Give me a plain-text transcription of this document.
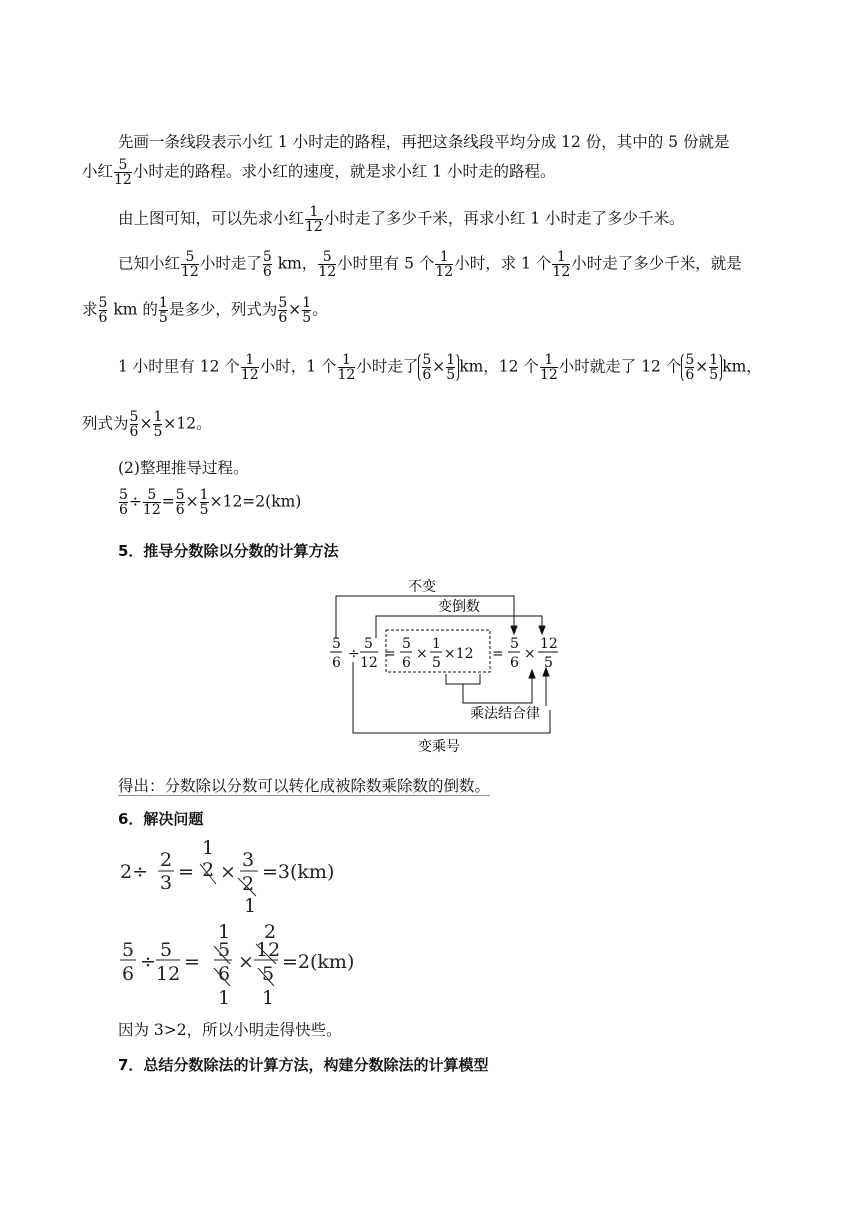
先画一条线段表示小红 1 小时走的路程，再把这条线段平均分成 12 份，其中的 5 份就是
小红 $\frac{5}{12}$ 小时走的路程。求小红的速度，就是求小红 1 小时走的路程。
由上图可知，可以先求小红 $\frac{1}{12}$ 小时走了多少千米，再求小红 1 小时走了多少千米。
已知小红 $\frac{5}{12}$ 小时走了 $\frac{5}{6}$ km， $\frac{5}{12}$ 小时里有 5 个 $\frac{1}{12}$ 小时，求 1 个 $\frac{1}{12}$ 小时走了多少千米，就是
求 $\frac{5}{6}$ km 的 $\frac{1}{5}$ 是多少，列式为 $\frac{5}{6} \times \frac{1}{5}$ 。
1 小时里有 12 个 $\frac{1}{12}$ 小时，1 个 $\frac{1}{12}$ 小时走了 $\frac{5}{6} \times \frac{1}{5}$ km，12 个 $\frac{1}{12}$ 小时就走了 12 个 $\frac{5}{6} \times \frac{1}{5}$ km，
列式为 $\frac{5}{6} \times \frac{1}{5} \times 12$。
(2)整理推导过程。
$\frac{5}{6} \div \frac{5}{12} = \frac{5}{6} \times \frac{1}{5} \times 12=2(km)$
5．推导分数除以分数的计算方法
不变
变倒数
乘法结合律
变乘号
5
6
÷
5
12
=
5
6
×
1
5
×12 =
5
6
×
12
5
得出：分数除以分数可以转化成被除数乘除数的倒数。
6．解决问题
2÷
2
3 =
1
2 ×
3
2
1
=3(km)
5
6
÷
5
12
=
1
5
6
1
×
2
12
5
1
=2(km)
因为 3>2，所以小明走得快些。
7．总结分数除法的计算方法，构建分数除法的计算模型
